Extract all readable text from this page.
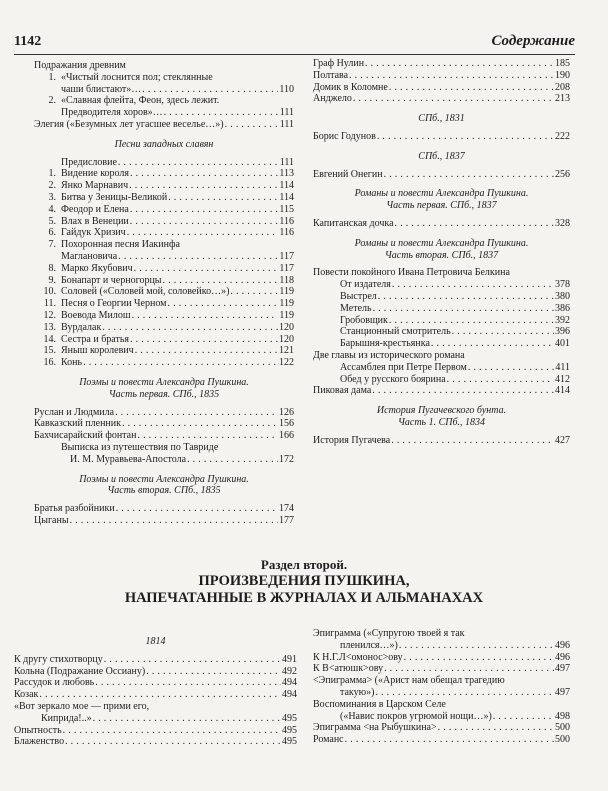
1142	Содержание
Подражания древним
1. «Чистый лоснится пол; стеклянные
чаши блистают»… . . .	110
2. «Славная флейта, Феон, здесь лежит.
Предводителя хоров»… . . .	111
Элегия («Безумных лет угасшее веселье…») . . .	111
Песни западных славян
Предисловие . . .	111
1. Видение короля . . .	113
2. Янко Марнавич . . .	114
3. Битва у Зеницы-Великой . . .	114
4. Феодор и Елена . . .	115
5. Влах в Венеции . . .	116
6. Гайдук Хризич . . .	116
7. Похоронная песня Иакинфа
Маглановича . . .	117
8. Марко Якубович . . .	117
9. Бонапарт и черногорцы . . .	118
10. Соловей («Соловей мой, соловейко…») . . .	119
11. Песня о Георгии Черном . . .	119
12. Воевода Милош . . .	119
13. Вурдалак . . .	120
14. Сестра и братья . . .	120
15. Яныш королевич . . .	121
16. Конь . . .	122
Поэмы и повести Александра Пушкина.
Часть первая. СПб., 1835
Руслан и Людмила . . .	126
Кавказский пленник . . .	156
Бахчисарайский фонтан . . .	166
Выписка из путешествия по Тавриде
И. М. Муравьева-Апостола . . .	172
Поэмы и повести Александра Пушкина.
Часть вторая. СПб., 1835
Братья разбойники . . .	174
Цыганы . . .	177
Граф Нулин . . .	185
Полтава . . .	190
Домик в Коломне . . .	208
Анджело . . .	213
СПб., 1831
Борис Годунов . . .	222
СПб., 1837
Евгений Онегин . . .	256
Романы и повести Александра Пушкина.
Часть первая. СПб., 1837
Капитанская дочка . . .	328
Романы и повести Александра Пушкина.
Часть вторая. СПб., 1837
Повести покойного Ивана Петровича Белкина
От издателя . . .	378
Выстрел . . .	380
Метель . . .	386
Гробовщик . . .	392
Станционный смотритель . . .	396
Барышня-крестьянка . . .	401
Две главы из исторического романа
Ассамблея при Петре Первом . . .	411
Обед у русского боярина . . .	412
Пиковая дама . . .	414
История Пугачевского бунта.
Часть 1. СПб., 1834
История Пугачева . . .	427
Раздел второй.
ПРОИЗВЕДЕНИЯ ПУШКИНА,
НАПЕЧАТАННЫЕ В ЖУРНАЛАХ И АЛЬМАНАХАХ
1814
К другу стихотворцу . . .	491
Кольна (Подражание Оссиану) . . .	492
Рассудок и любовь . . .	494
Козак . . .	494
«Вот зеркало мое — прими его,
Киприда!..» . . .	495
Опытность . . .	495
Блаженство . . .	495
Эпиграмма («Супругою твоей я так
пленился…») . . .	496
К Н.Г.Л<омонос>ову . . .	496
К В<атюшк>ову . . .	497
<Эпиграмма> («Арист нам обещал трагедию
такую») . . .	497
Воспоминания в Царском Селе
(«Навис покров угрюмой нощи…») . . .	498
Эпиграмма <на Рыбушкина> . . .	500
Романс . . .	500
